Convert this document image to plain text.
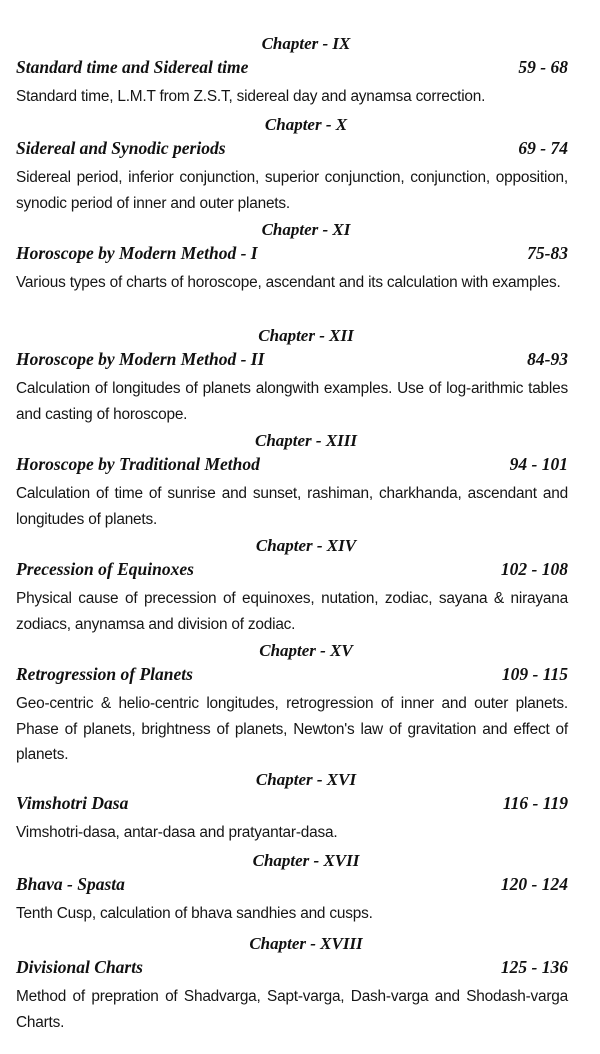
Chapter - IX
Standard time and Sidereal time	59 - 68
Standard time, L.M.T from Z.S.T, sidereal day and aynamsa correction.
Chapter - X
Sidereal and Synodic periods	69 - 74
Sidereal period, inferior conjunction, superior conjunction, conjunction, opposition, synodic period of inner and outer planets.
Chapter - XI
Horoscope by Modern Method - I	75-83
Various types of charts of horoscope, ascendant and its calculation with examples.
Chapter - XII
Horoscope by Modern Method - II	84-93
Calculation of longitudes of planets alongwith examples. Use of log-arithmic tables and casting of horoscope.
Chapter - XIII
Horoscope by Traditional Method	94 - 101
Calculation of time of sunrise and sunset, rashiman, charkhanda, ascendant and longitudes of planets.
Chapter - XIV
Precession of Equinoxes	102 - 108
Physical cause of precession of equinoxes, nutation, zodiac, sayana & nirayana zodiacs, anynamsa and division of zodiac.
Chapter - XV
Retrogression of Planets	109 - 115
Geo-centric & helio-centric longitudes, retrogression of inner and outer planets. Phase of planets, brightness of planets, Newton's law of gravitation and effect of planets.
Chapter - XVI
Vimshotri Dasa	116 - 119
Vimshotri-dasa, antar-dasa and pratyantar-dasa.
Chapter - XVII
Bhava - Spasta	120 - 124
Tenth Cusp, calculation of bhava sandhies and cusps.
Chapter - XVIII
Divisional Charts	125 - 136
Method of prepration of Shadvarga, Sapt-varga, Dash-varga and Shodash-varga Charts.
